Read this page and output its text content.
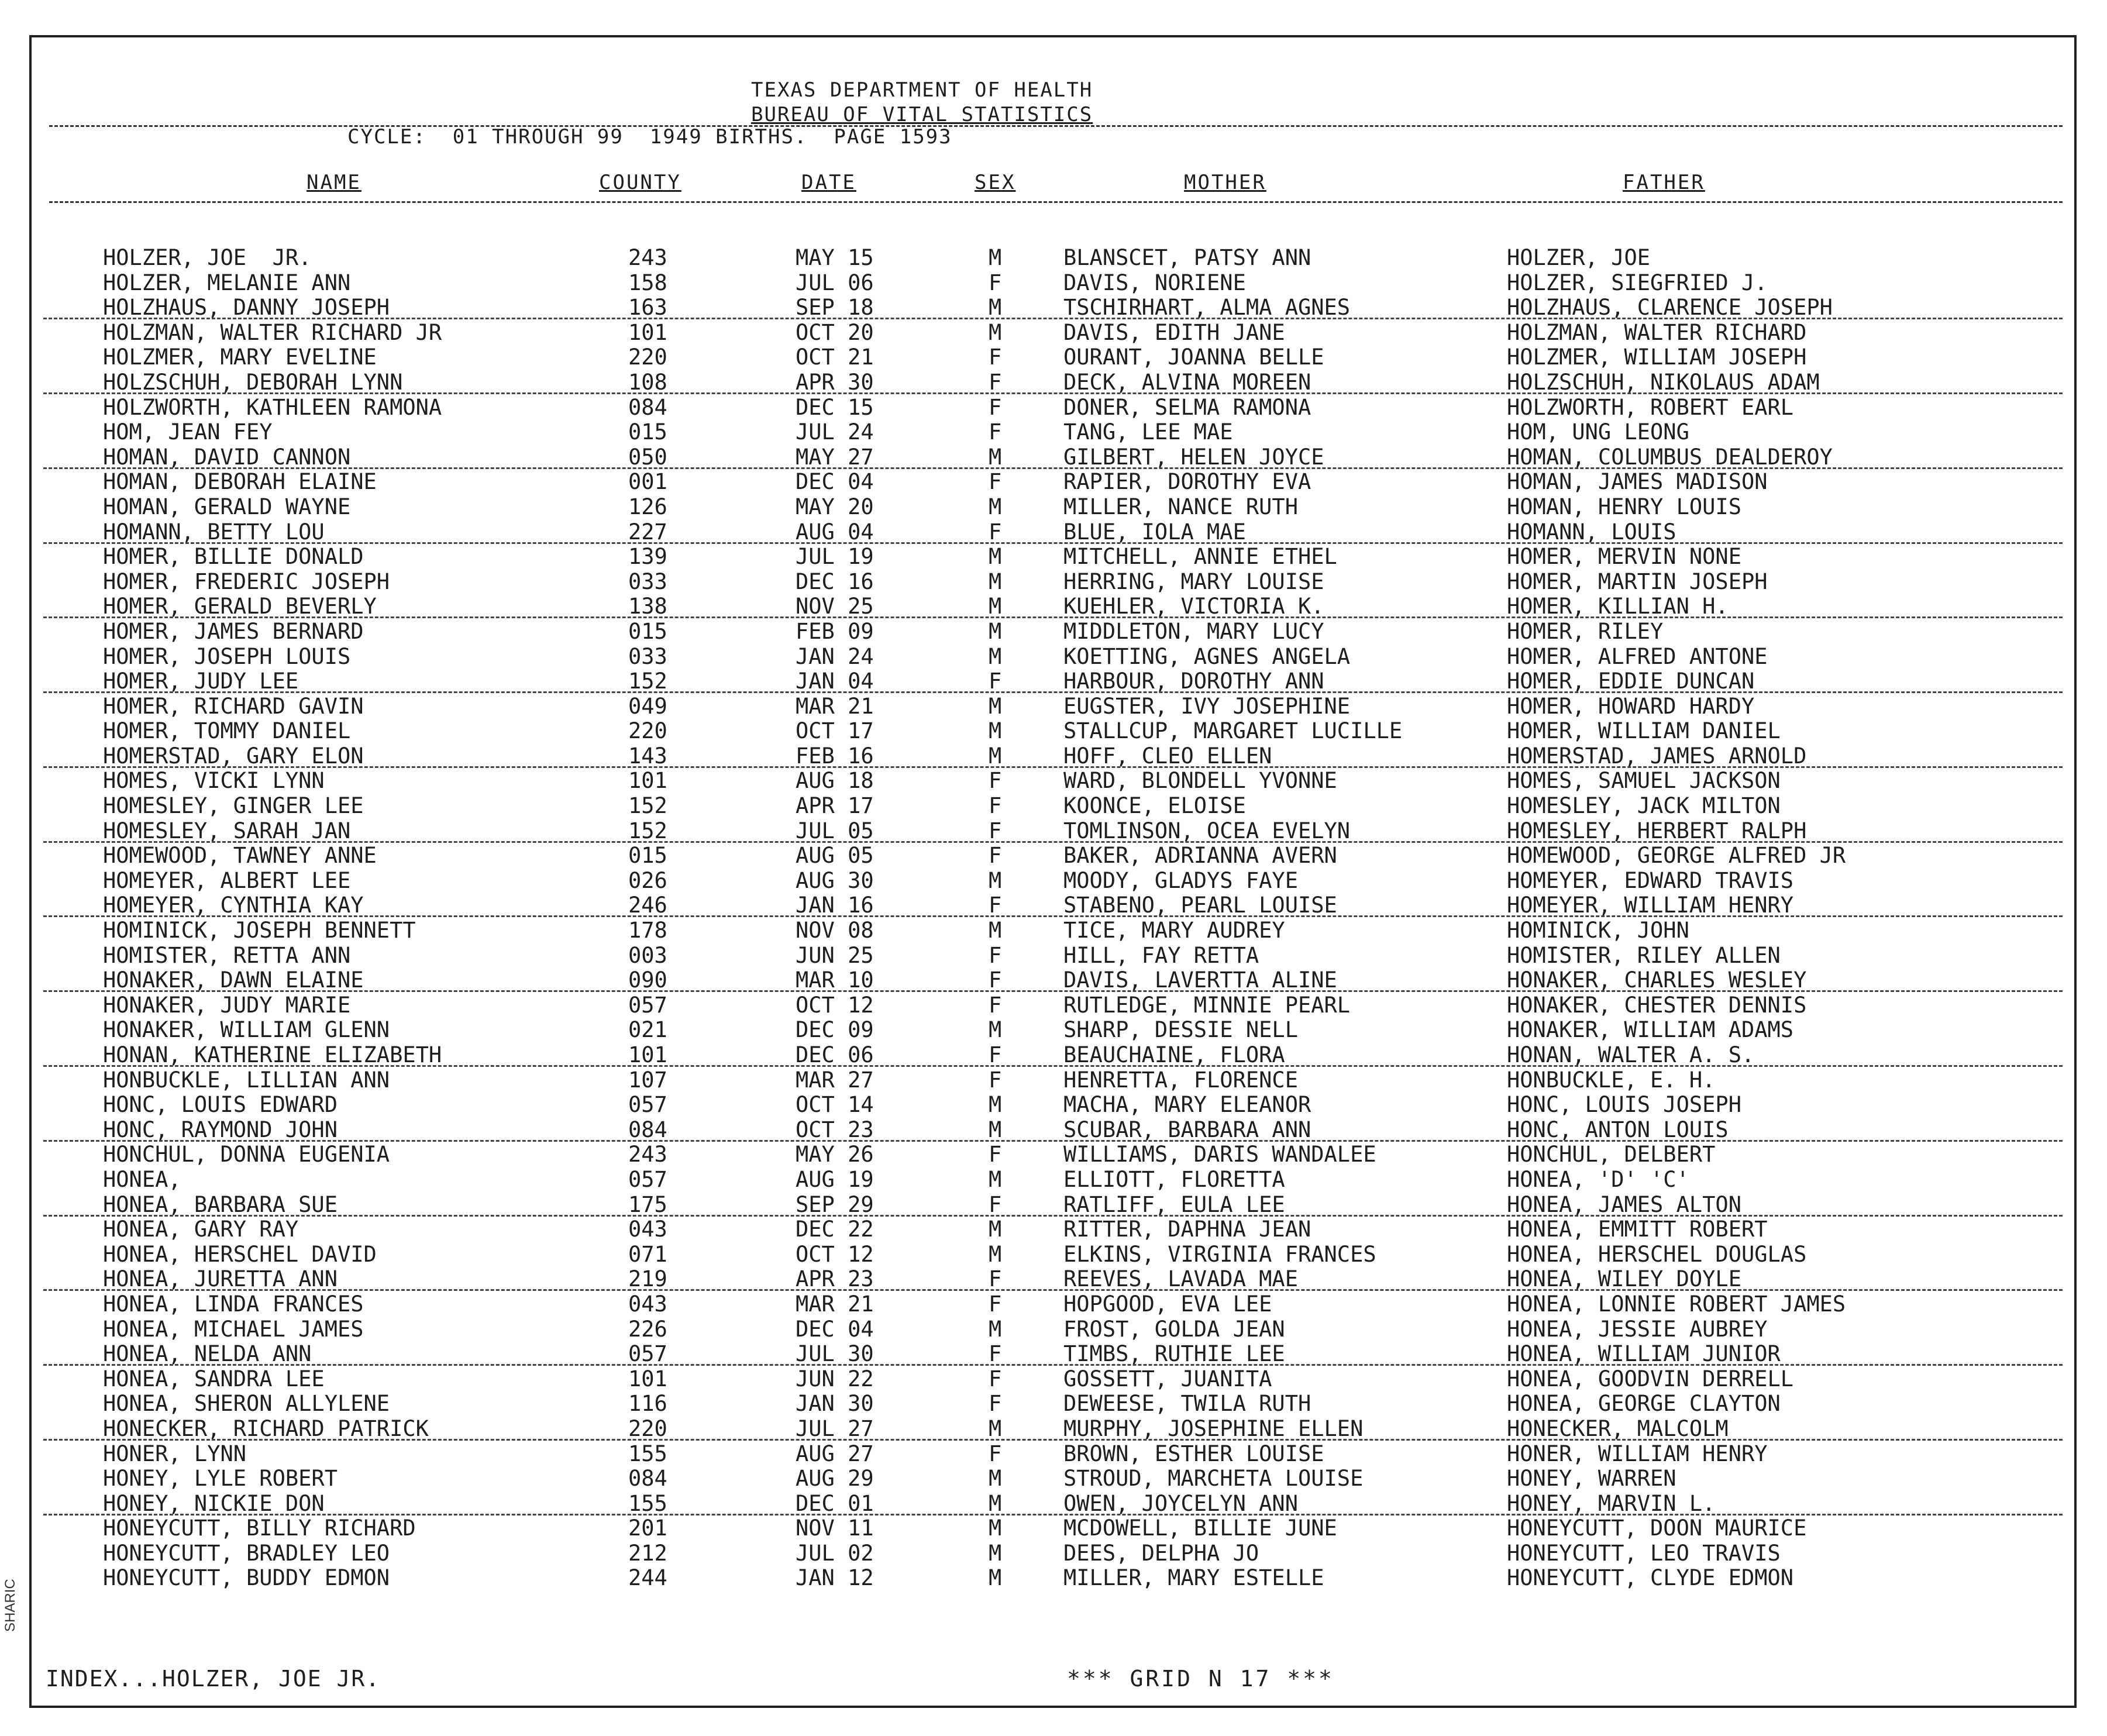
TEXAS DEPARTMENT OF HEALTH
BUREAU OF VITAL STATISTICS
CYCLE:  01 THROUGH 99  1949 BIRTHS.  PAGE 1593
NAME	COUNTY	DATE	SEX	MOTHER	FATHER
HOLZER, JOE  JR.	243	MAY 15	M	BLANSCET, PATSY ANN	HOLZER, JOE
HOLZER, MELANIE ANN	158	JUL 06	F	DAVIS, NORIENE	HOLZER, SIEGFRIED J.
HOLZHAUS, DANNY JOSEPH	163	SEP 18	M	TSCHIRHART, ALMA AGNES	HOLZHAUS, CLARENCE JOSEPH
HOLZMAN, WALTER RICHARD JR	101	OCT 20	M	DAVIS, EDITH JANE	HOLZMAN, WALTER RICHARD
HOLZMER, MARY EVELINE	220	OCT 21	F	OURANT, JOANNA BELLE	HOLZMER, WILLIAM JOSEPH
HOLZSCHUH, DEBORAH LYNN	108	APR 30	F	DECK, ALVINA MOREEN	HOLZSCHUH, NIKOLAUS ADAM
HOLZWORTH, KATHLEEN RAMONA	084	DEC 15	F	DONER, SELMA RAMONA	HOLZWORTH, ROBERT EARL
HOM, JEAN FEY	015	JUL 24	F	TANG, LEE MAE	HOM, UNG LEONG
HOMAN, DAVID CANNON	050	MAY 27	M	GILBERT, HELEN JOYCE	HOMAN, COLUMBUS DEALDEROY
HOMAN, DEBORAH ELAINE	001	DEC 04	F	RAPIER, DOROTHY EVA	HOMAN, JAMES MADISON
HOMAN, GERALD WAYNE	126	MAY 20	M	MILLER, NANCE RUTH	HOMAN, HENRY LOUIS
HOMANN, BETTY LOU	227	AUG 04	F	BLUE, IOLA MAE	HOMANN, LOUIS
HOMER, BILLIE DONALD	139	JUL 19	M	MITCHELL, ANNIE ETHEL	HOMER, MERVIN NONE
HOMER, FREDERIC JOSEPH	033	DEC 16	M	HERRING, MARY LOUISE	HOMER, MARTIN JOSEPH
HOMER, GERALD BEVERLY	138	NOV 25	M	KUEHLER, VICTORIA K.	HOMER, KILLIAN H.
HOMER, JAMES BERNARD	015	FEB 09	M	MIDDLETON, MARY LUCY	HOMER, RILEY
HOMER, JOSEPH LOUIS	033	JAN 24	M	KOETTING, AGNES ANGELA	HOMER, ALFRED ANTONE
HOMER, JUDY LEE	152	JAN 04	F	HARBOUR, DOROTHY ANN	HOMER, EDDIE DUNCAN
HOMER, RICHARD GAVIN	049	MAR 21	M	EUGSTER, IVY JOSEPHINE	HOMER, HOWARD HARDY
HOMER, TOMMY DANIEL	220	OCT 17	M	STALLCUP, MARGARET LUCILLE	HOMER, WILLIAM DANIEL
HOMERSTAD, GARY ELON	143	FEB 16	M	HOFF, CLEO ELLEN	HOMERSTAD, JAMES ARNOLD
HOMES, VICKI LYNN	101	AUG 18	F	WARD, BLONDELL YVONNE	HOMES, SAMUEL JACKSON
HOMESLEY, GINGER LEE	152	APR 17	F	KOONCE, ELOISE	HOMESLEY, JACK MILTON
HOMESLEY, SARAH JAN	152	JUL 05	F	TOMLINSON, OCEA EVELYN	HOMESLEY, HERBERT RALPH
HOMEWOOD, TAWNEY ANNE	015	AUG 05	F	BAKER, ADRIANNA AVERN	HOMEWOOD, GEORGE ALFRED JR
HOMEYER, ALBERT LEE	026	AUG 30	M	MOODY, GLADYS FAYE	HOMEYER, EDWARD TRAVIS
HOMEYER, CYNTHIA KAY	246	JAN 16	F	STABENO, PEARL LOUISE	HOMEYER, WILLIAM HENRY
HOMINICK, JOSEPH BENNETT	178	NOV 08	M	TICE, MARY AUDREY	HOMINICK, JOHN
HOMISTER, RETTA ANN	003	JUN 25	F	HILL, FAY RETTA	HOMISTER, RILEY ALLEN
HONAKER, DAWN ELAINE	090	MAR 10	F	DAVIS, LAVERTTA ALINE	HONAKER, CHARLES WESLEY
HONAKER, JUDY MARIE	057	OCT 12	F	RUTLEDGE, MINNIE PEARL	HONAKER, CHESTER DENNIS
HONAKER, WILLIAM GLENN	021	DEC 09	M	SHARP, DESSIE NELL	HONAKER, WILLIAM ADAMS
HONAN, KATHERINE ELIZABETH	101	DEC 06	F	BEAUCHAINE, FLORA	HONAN, WALTER A. S.
HONBUCKLE, LILLIAN ANN	107	MAR 27	F	HENRETTA, FLORENCE	HONBUCKLE, E. H.
HONC, LOUIS EDWARD	057	OCT 14	M	MACHA, MARY ELEANOR	HONC, LOUIS JOSEPH
HONC, RAYMOND JOHN	084	OCT 23	M	SCUBAR, BARBARA ANN	HONC, ANTON LOUIS
HONCHUL, DONNA EUGENIA	243	MAY 26	F	WILLIAMS, DARIS WANDALEE	HONCHUL, DELBERT
HONEA,	057	AUG 19	M	ELLIOTT, FLORETTA	HONEA, 'D' 'C'
HONEA, BARBARA SUE	175	SEP 29	F	RATLIFF, EULA LEE	HONEA, JAMES ALTON
HONEA, GARY RAY	043	DEC 22	M	RITTER, DAPHNA JEAN	HONEA, EMMITT ROBERT
HONEA, HERSCHEL DAVID	071	OCT 12	M	ELKINS, VIRGINIA FRANCES	HONEA, HERSCHEL DOUGLAS
HONEA, JURETTA ANN	219	APR 23	F	REEVES, LAVADA MAE	HONEA, WILEY DOYLE
HONEA, LINDA FRANCES	043	MAR 21	F	HOPGOOD, EVA LEE	HONEA, LONNIE ROBERT JAMES
HONEA, MICHAEL JAMES	226	DEC 04	M	FROST, GOLDA JEAN	HONEA, JESSIE AUBREY
HONEA, NELDA ANN	057	JUL 30	F	TIMBS, RUTHIE LEE	HONEA, WILLIAM JUNIOR
HONEA, SANDRA LEE	101	JUN 22	F	GOSSETT, JUANITA	HONEA, GOODVIN DERRELL
HONEA, SHERON ALLYLENE	116	JAN 30	F	DEWEESE, TWILA RUTH	HONEA, GEORGE CLAYTON
HONECKER, RICHARD PATRICK	220	JUL 27	M	MURPHY, JOSEPHINE ELLEN	HONECKER, MALCOLM
HONER, LYNN	155	AUG 27	F	BROWN, ESTHER LOUISE	HONER, WILLIAM HENRY
HONEY, LYLE ROBERT	084	AUG 29	M	STROUD, MARCHETA LOUISE	HONEY, WARREN
HONEY, NICKIE DON	155	DEC 01	M	OWEN, JOYCELYN ANN	HONEY, MARVIN L.
HONEYCUTT, BILLY RICHARD	201	NOV 11	M	MCDOWELL, BILLIE JUNE	HONEYCUTT, DOON MAURICE
HONEYCUTT, BRADLEY LEO	212	JUL 02	M	DEES, DELPHA JO	HONEYCUTT, LEO TRAVIS
HONEYCUTT, BUDDY EDMON	244	JAN 12	M	MILLER, MARY ESTELLE	HONEYCUTT, CLYDE EDMON
INDEX...HOLZER, JOE JR.	*** GRID N 17 ***
SHARIC
